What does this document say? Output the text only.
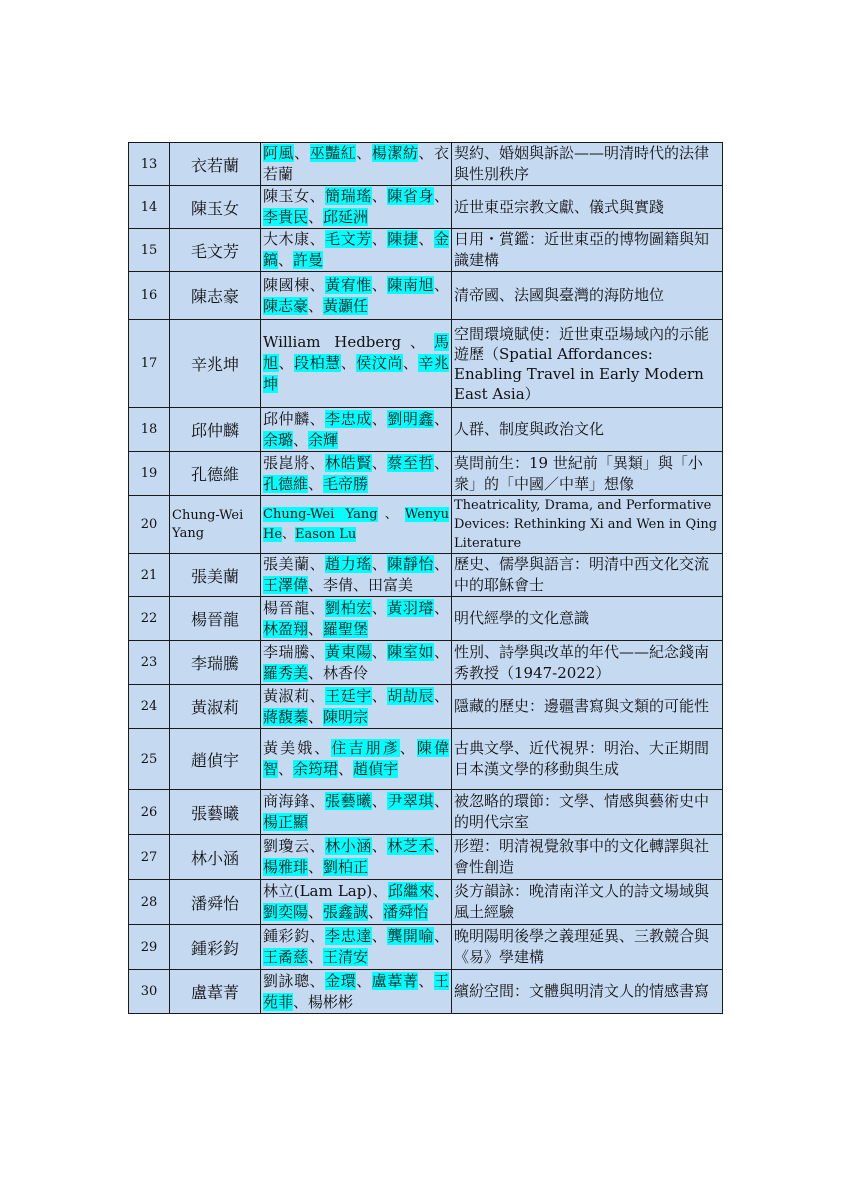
13	衣若蘭	阿風、巫豔紅、楊潔紡、衣若蘭	契約、婚姻與訴訟——明清時代的法律與性別秩序
14	陳玉女	陳玉女、簡瑞瑤、陳省身、李貴民、邱延洲	近世東亞宗教文獻、儀式與實踐
15	毛文芳	大木康、毛文芳、陳捷、金鎬、許曼	日用・賞鑑：近世東亞的博物圖籍與知識建構
16	陳志豪	陳國棟、黃宥惟、陳南旭、陳志豪、黃灝任	清帝國、法國與臺灣的海防地位
17	辛兆坤	William Hedberg、馬旭、段柏慧、侯汶尚、辛兆坤	空間環境賦使：近世東亞場域內的示能遊歷（Spatial Affordances: Enabling Travel in Early Modern East Asia）
18	邱仲麟	邱仲麟、李忠成、劉明鑫、余璐、余輝	人群、制度與政治文化
19	孔德維	張崑將、林皓賢、蔡至哲、孔德維、毛帝勝	莫問前生：19 世紀前「異類」與「小衆」的「中國／中華」想像
20	Chung-Wei Yang	Chung-Wei Yang、Wenyu He、Eason Lu	Theatricality, Drama, and Performative Devices: Rethinking Xi and Wen in Qing Literature
21	張美蘭	張美蘭、趙力瑤、陳靜怡、王澤偉、李倩、田富美	歷史、儒學與語言：明清中西文化交流中的耶穌會士
22	楊晉龍	楊晉龍、劉柏宏、黃羽璿、林盈翔、羅聖堡	明代經學的文化意識
23	李瑞騰	李瑞騰、黃東陽、陳室如、羅秀美、林香伶	性別、詩學與改革的年代——紀念錢南秀教授（1947-2022）
24	黃淑莉	黃淑莉、王廷宇、胡劼辰、蔣馥蓁、陳明宗	隱藏的歷史：邊疆書寫與文類的可能性
25	趙偵宇	黃美娥、住吉朋彥、陳偉智、余筠珺、趙偵宇	古典文學、近代視界：明治、大正期間日本漢文學的移動與生成
26	張藝曦	商海鋒、張藝曦、尹翠琪、楊正顯	被忽略的環節：文學、情感與藝術史中的明代宗室
27	林小涵	劉瓊云、林小涵、林芝禾、楊雅琲、劉柏正	形塑：明清視覺敘事中的文化轉譯與社會性創造
28	潘舜怡	林立(Lam Lap)、邱繼來、劉奕陽、張鑫誠、潘舜怡	炎方韻詠：晚清南洋文人的詩文場域與風土經驗
29	鍾彩鈞	鍾彩鈞、李忠達、龔開喻、王矞慈、王清安	晚明陽明後學之義理延異、三教競合與《易》學建構
30	盧葦菁	劉詠聰、金環、盧葦菁、王苑菲、楊彬彬	繽紛空間：文體與明清文人的情感書寫
